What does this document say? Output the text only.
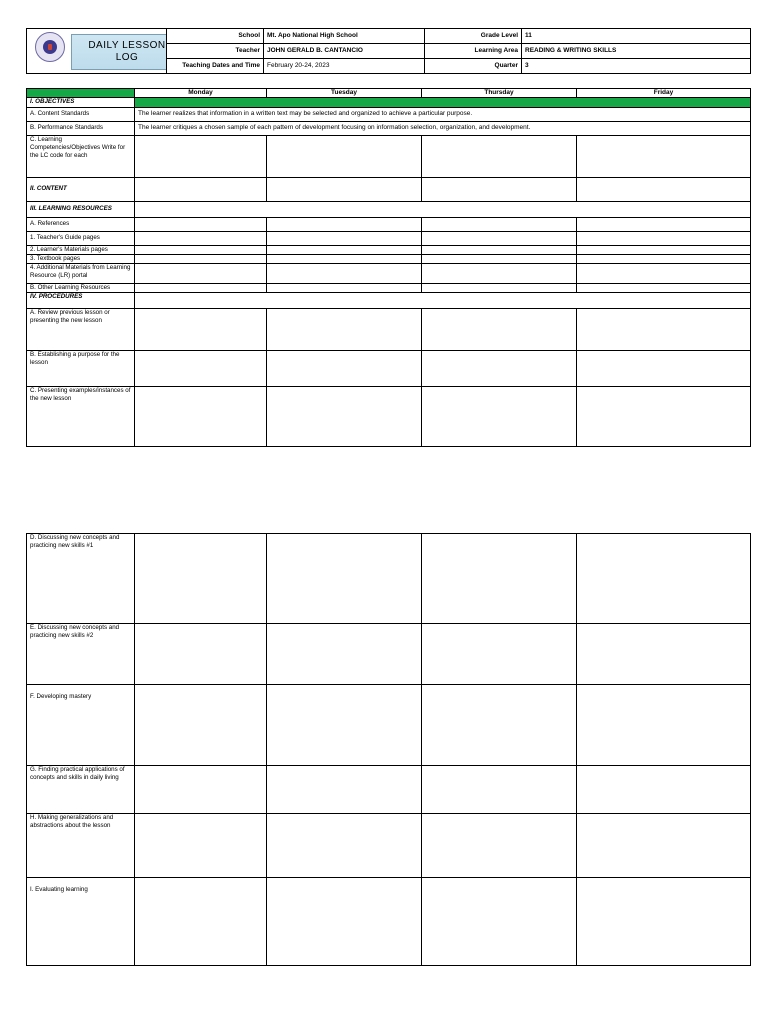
DAILY LESSON
LOG	School	Mt. Apo National High School	Grade Level	11
	Teacher	JOHN GERALD B. CANTANCIO	Learning Area	READING & WRITING SKILLS
	Teaching Dates and Time	February 20-24, 2023	Quarter	3
	Monday	Tuesday	Thursday	Friday
I. OBJECTIVES				
A. Content Standards	The learner realizes that information in a written text may be selected and organized to achieve a particular purpose.			
B. Performance Standards	The learner critiques a chosen sample of each pattern of development focusing on information selection, organization, and development.			
C. Learning Competencies/Objectives Write for the LC code for each				
II. CONTENT				
III. LEARNING RESOURCES				
A. References				
1. Teacher's Guide pages				
2. Learner's Materials pages				
3. Textbook pages				
4. Additional Materials from Learning Resource (LR) portal				
B. Other Learning Resources				
IV. PROCEDURES				
A. Review previous lesson or presenting the new lesson				
B. Establishing a purpose for the lesson				
C. Presenting examples/instances of the new lesson				
D. Discussing new concepts and practicing new skills #1				
E. Discussing new concepts and practicing new skills #2				
F. Developing mastery				
G. Finding practical applications of concepts and skills in daily living				
H. Making generalizations and abstractions about the lesson				
I. Evaluating learning				
